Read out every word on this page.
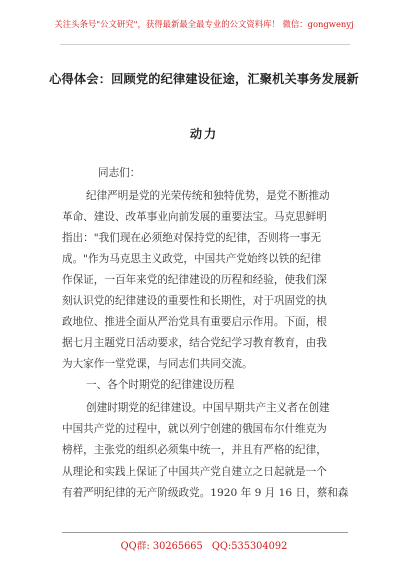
关注头条号"公文研究"，获得最新最全最专业的公文资料库！ 微信：gongwenyj
心得体会：回顾党的纪律建设征途，汇聚机关事务发展新
动力
同志们：
纪律严明是党的光荣传统和独特优势，是党不断推动
革命、建设、改革事业向前发展的重要法宝。马克思鲜明
指出："我们现在必须绝对保持党的纪律，否则将一事无
成。"作为马克思主义政党，中国共产党始终以铁的纪律
作保证，一百年来党的纪律建设的历程和经验，使我们深
刻认识党的纪律建设的重要性和长期性，对于巩固党的执
政地位、推进全面从严治党具有重要启示作用。下面，根
据七月主题党日活动要求，结合党纪学习教育教育，由我
为大家作一堂党课，与同志们共同交流。
一、各个时期党的纪律建设历程
创建时期党的纪律建设。中国早期共产主义者在创建
中国共产党的过程中，就以列宁创建的俄国布尔什维克为
榜样，主张党的组织必须集中统一，并且有严格的纪律，
从理论和实践上保证了中国共产党自建立之日起就是一个
有着严明纪律的无产阶级政党。1920 年 9 月 16 日，蔡和森
QQ群: 30265665 QQ:535304092
